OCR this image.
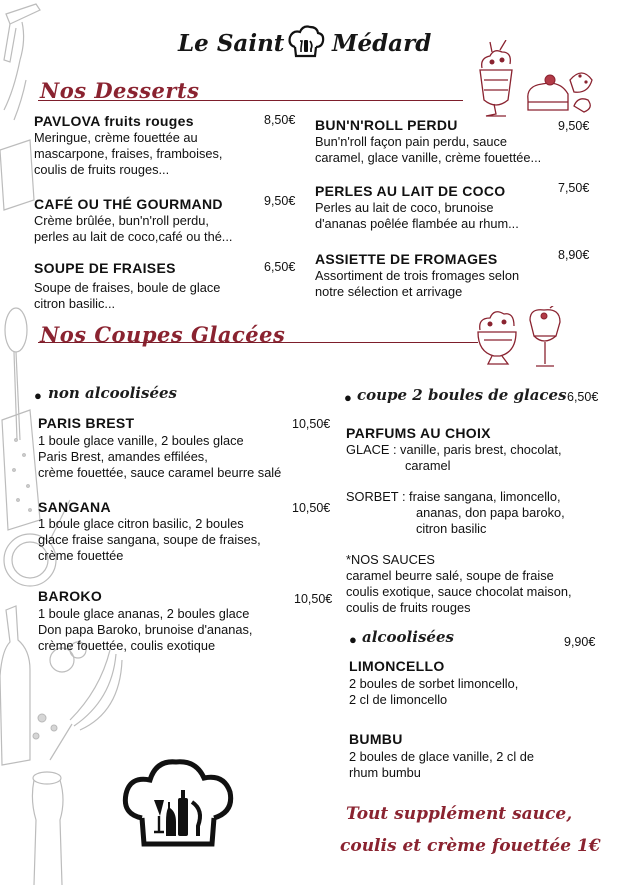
Le Saint Médard
Nos Desserts
PAVLOVA fruits rouges	8,50€
Meringue, crème fouettée au
mascarpone, fraises, framboises,
coulis de fruits rouges...
CAFÉ OU THÉ GOURMAND	9,50€
Crème brûlée, bun'n'roll perdu,
perles au lait de coco,café ou thé...
SOUPE DE FRAISES	6,50€
Soupe de fraises, boule de glace
citron basilic...
BUN'N'ROLL PERDU	9,50€
Bun'n'roll façon pain perdu, sauce
caramel, glace vanille, crème fouettée...
PERLES AU LAIT DE COCO	7,50€
Perles au lait de coco, brunoise
d'ananas poêlée flambée au rhum...
ASSIETTE DE FROMAGES	8,90€
Assortiment de trois fromages selon
notre sélection et arrivage
Nos Coupes Glacées
● non alcoolisées
PARIS BREST	10,50€
1 boule glace vanille, 2 boules glace
Paris Brest, amandes effilées,
crème fouettée, sauce caramel beurre salé
SANGANA	10,50€
1 boule glace citron basilic, 2 boules
glace fraise sangana, soupe de fraises,
crème fouettée
BAROKO	10,50€
1 boule glace ananas, 2 boules glace
Don papa Baroko, brunoise d'ananas,
crème fouettée, coulis exotique
● coupe 2 boules de glaces 6,50€
PARFUMS AU CHOIX
GLACE : vanille, paris brest, chocolat,
caramel
SORBET : fraise sangana, limoncello,
ananas, don papa baroko,
citron basilic
*NOS SAUCES
caramel beurre salé, soupe de fraise
coulis exotique, sauce chocolat maison,
coulis de fruits rouges
● alcoolisées	9,90€
LIMONCELLO
2 boules de sorbet limoncello,
2 cl de limoncello
BUMBU
2 boules de glace vanille, 2 cl de
rhum bumbu
Tout supplément sauce,
coulis et crème fouettée 1€
